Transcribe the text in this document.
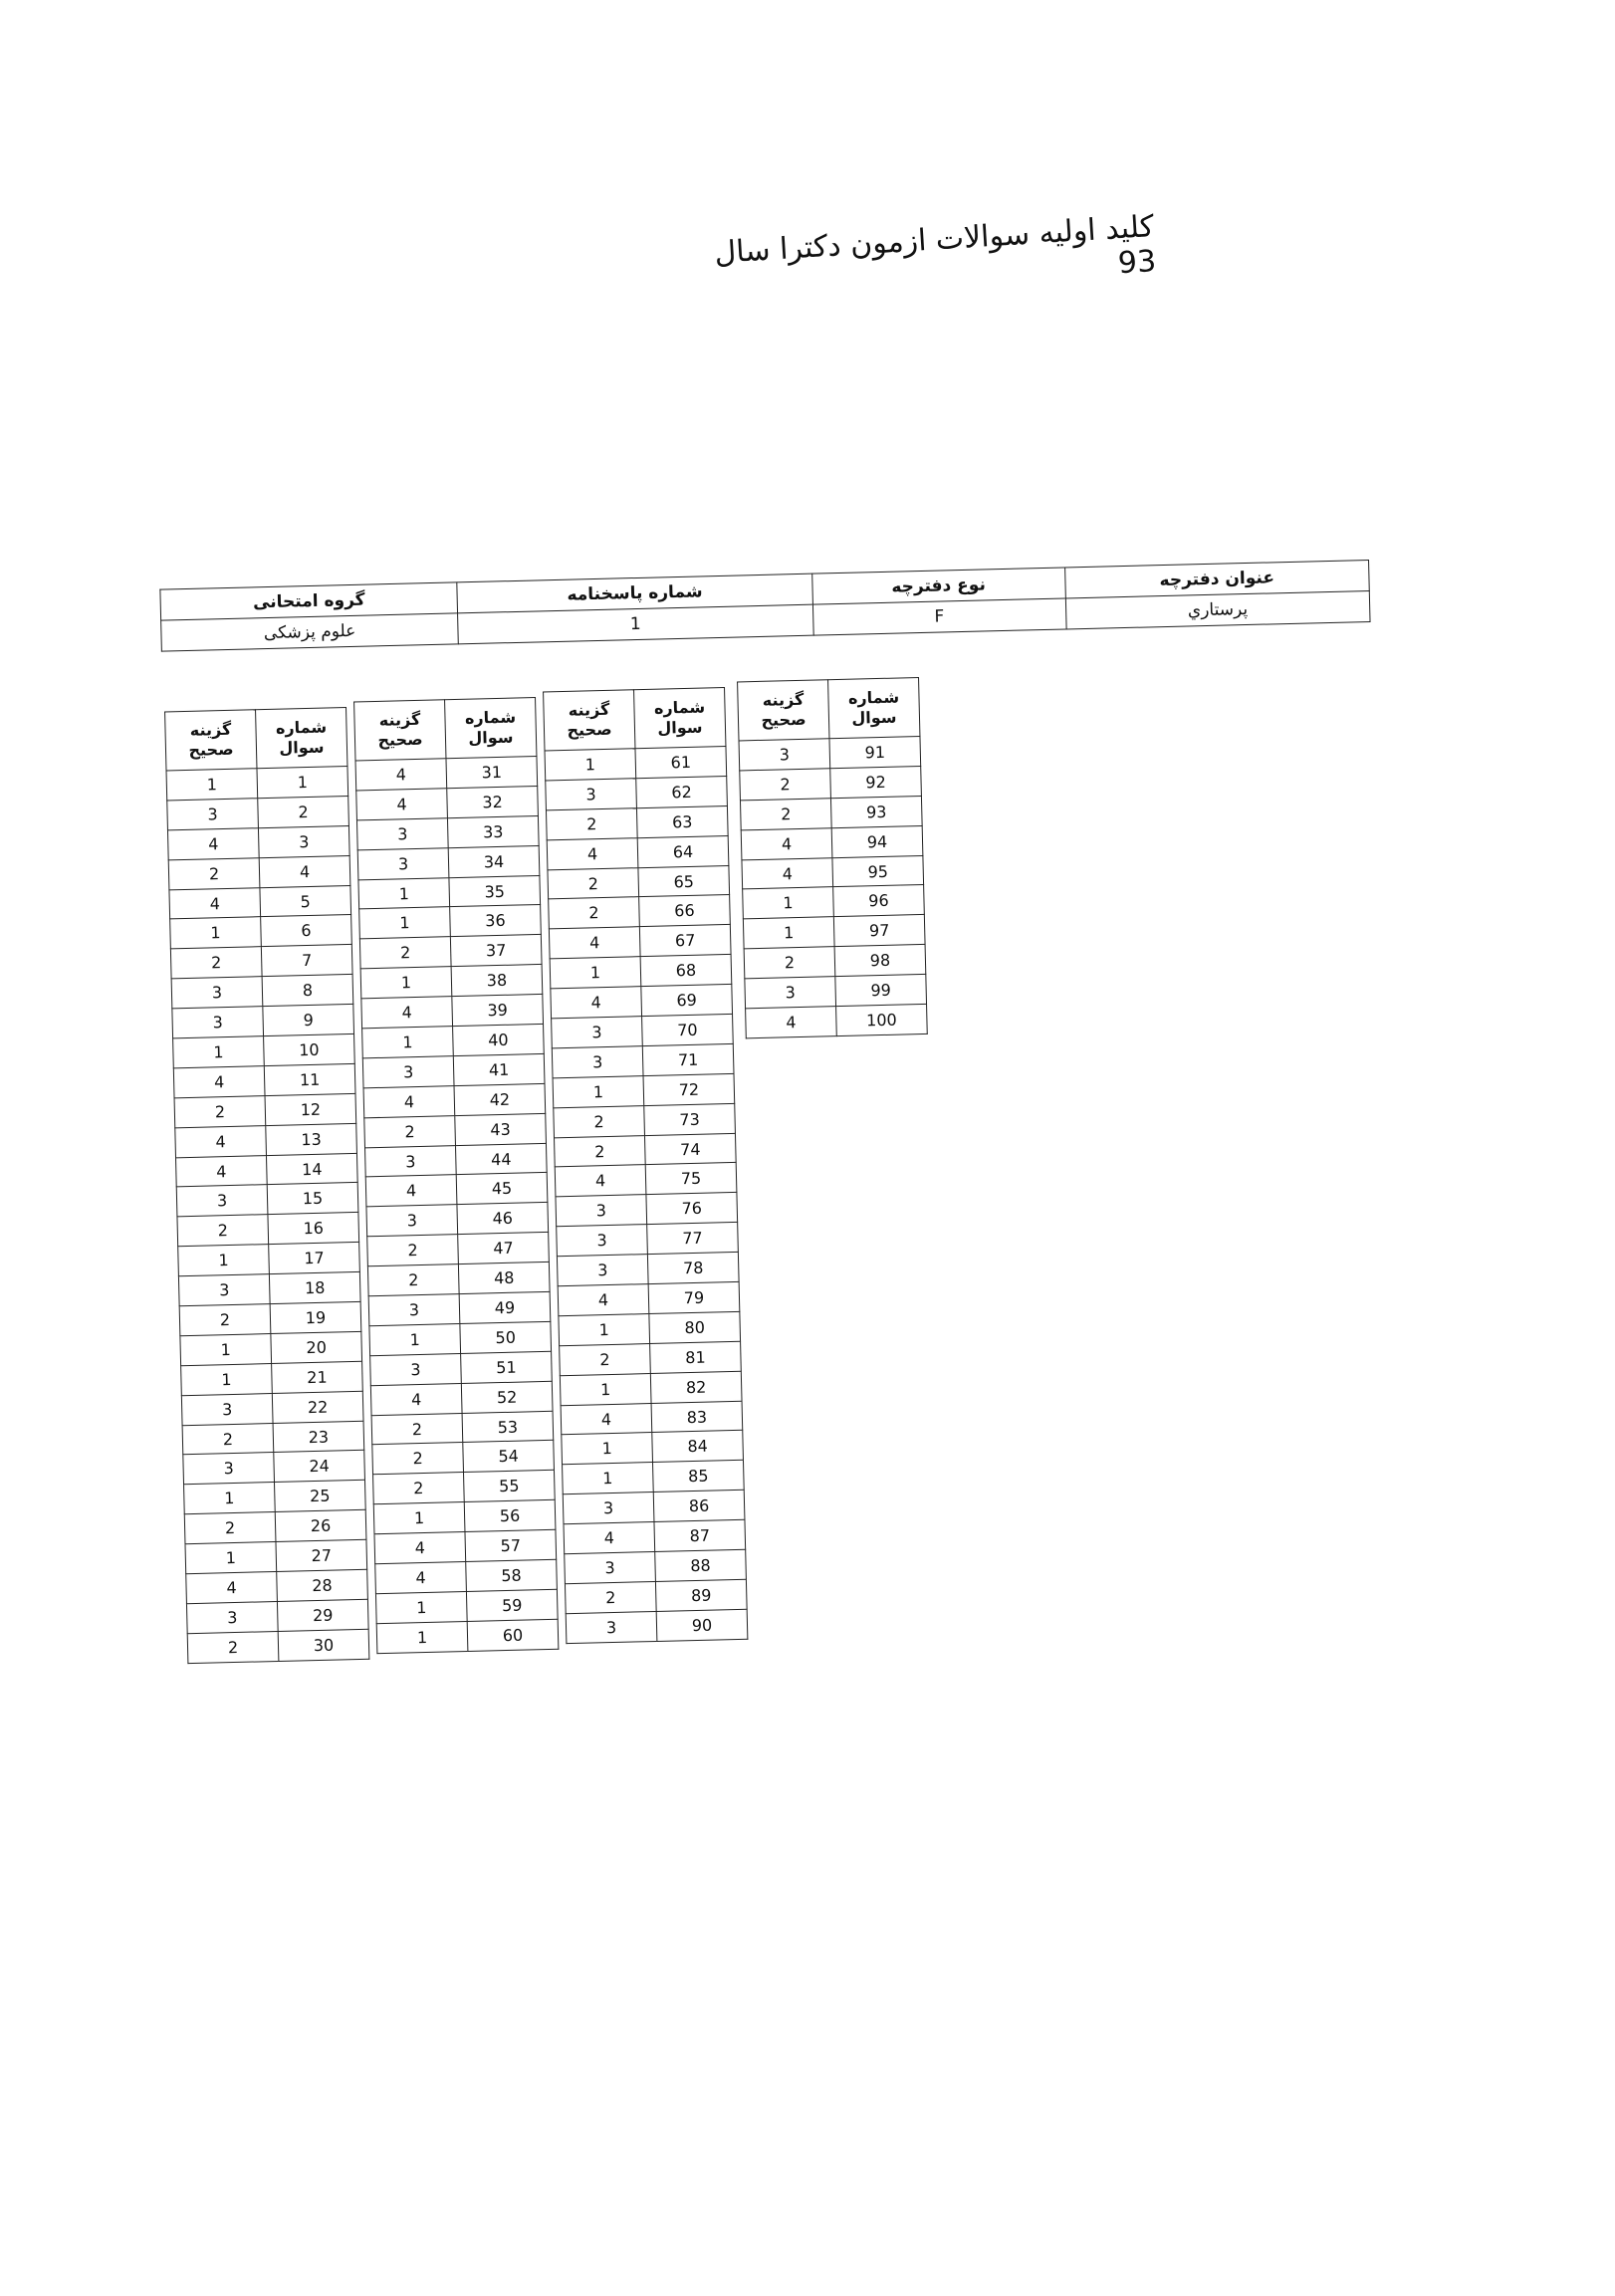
کلید اولیه سوالات ازمون دکترا سال 93
عنوان دفترچه	نوع دفترچه	شماره پاسخنامه	گروه امتحانی
پرستاري	F	1	علوم پزشکی
شماره
سوال	گزینه
صحیح

91	3
92	2
93	2
94	4
95	4
96	1
97	1
98	2
99	3
100	4
شماره
سوال	گزینه
صحیح

61	1
62	3
63	2
64	4
65	2
66	2
67	4
68	1
69	4
70	3
71	3
72	1
73	2
74	2
75	4
76	3
77	3
78	3
79	4
80	1
81	2
82	1
83	4
84	1
85	1
86	3
87	4
88	3
89	2
90	3
شماره
سوال	گزینه
صحیح

31	4
32	4
33	3
34	3
35	1
36	1
37	2
38	1
39	4
40	1
41	3
42	4
43	2
44	3
45	4
46	3
47	2
48	2
49	3
50	1
51	3
52	4
53	2
54	2
55	2
56	1
57	4
58	4
59	1
60	1
شماره
سوال	گزینه
صحیح

1	1
2	3
3	4
4	2
5	4
6	1
7	2
8	3
9	3
10	1
11	4
12	2
13	4
14	4
15	3
16	2
17	1
18	3
19	2
20	1
21	1
22	3
23	2
24	3
25	1
26	2
27	1
28	4
29	3
30	2
